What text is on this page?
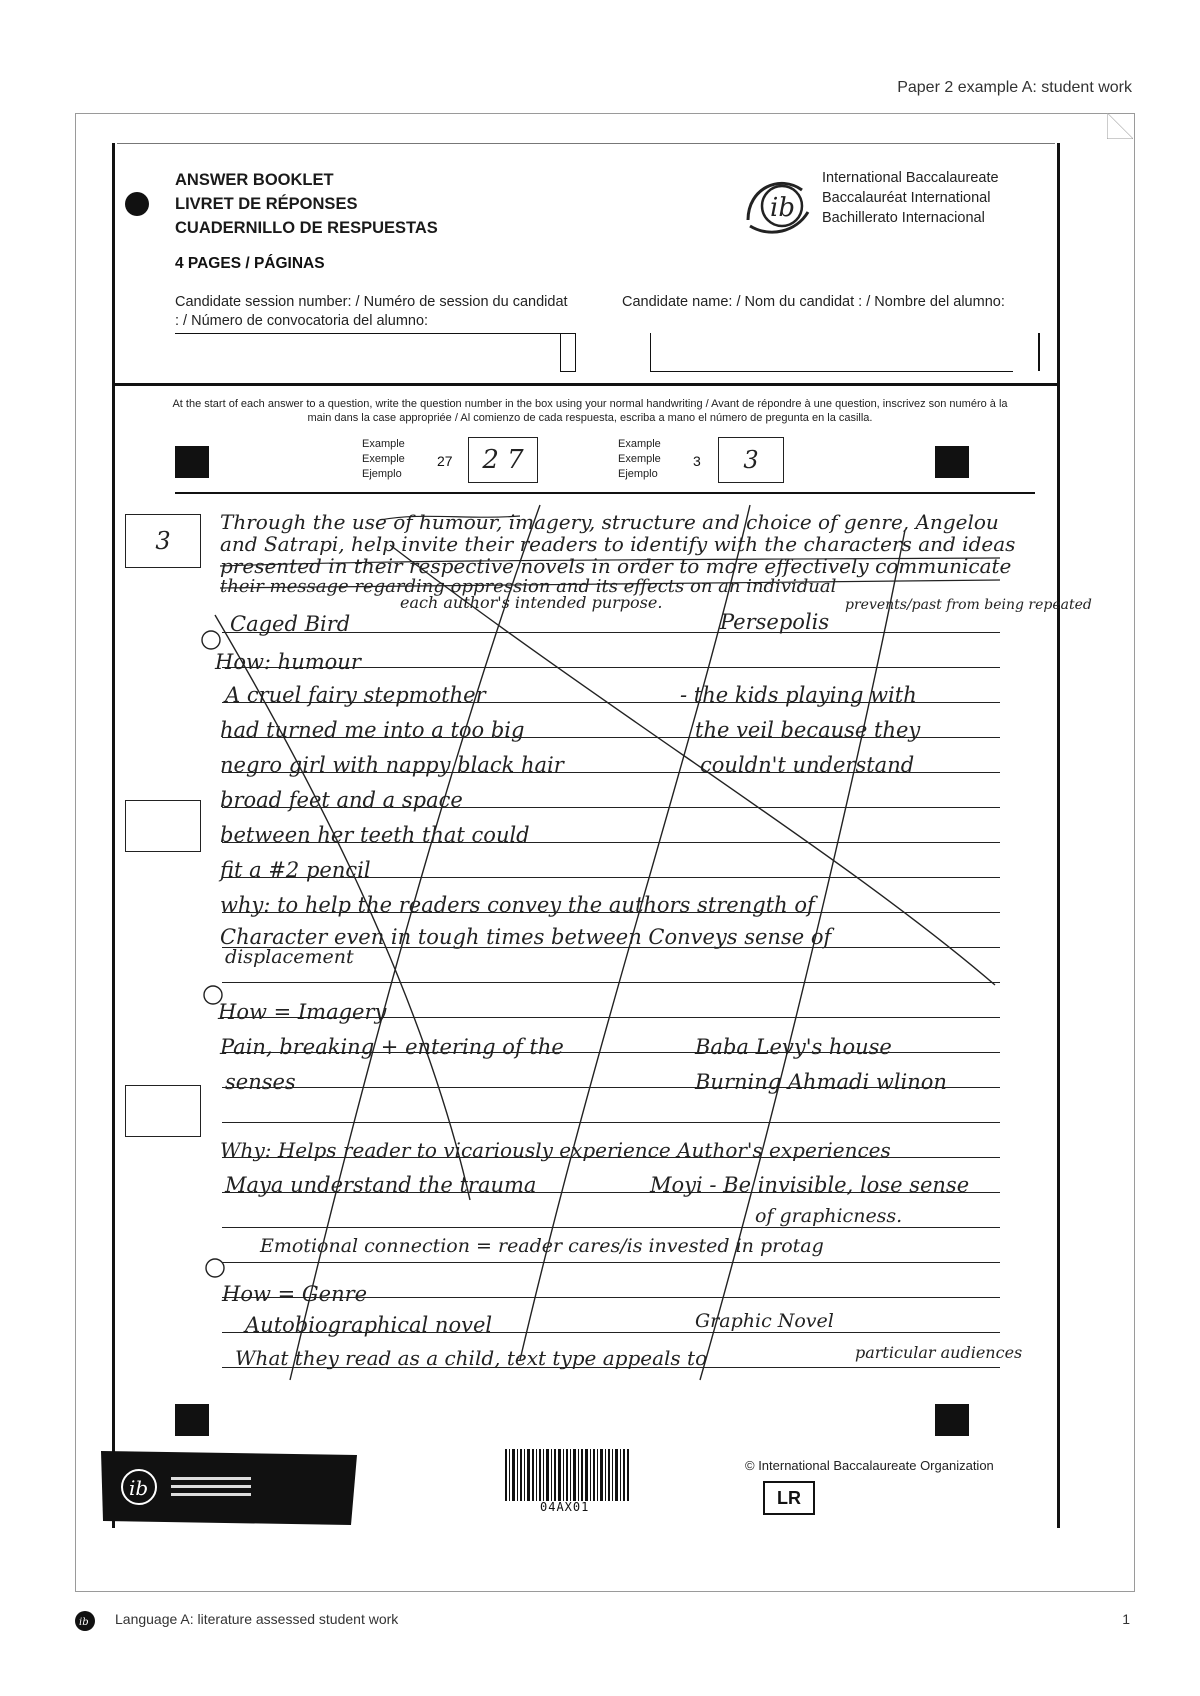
Paper 2 example A: student work
ANSWER BOOKLET
LIVRET DE RÉPONSES
CUADERNILLO DE RESPUESTAS
4 PAGES / PÁGINAS
ib
International Baccalaureate
Baccalauréat International
Bachillerato Internacional
Candidate session number: / Numéro de session du candidat : / Número de convocatoria del alumno:
Candidate name: / Nom du candidat : / Nombre del alumno:
At the start of each answer to a question, write the question number in the box using your normal handwriting / Avant de répondre à une question, inscrivez son numéro à la main dans la case appropriée / Al comienzo de cada respuesta, escriba a mano el número de pregunta en la casilla.
Example
Exemple
Ejemplo
27	2 7
Example
Exemple
Ejemplo
3	3
3
Through the use of humour, imagery, structure and choice of genre, Angelou
and Satrapi, help invite their readers to identify with the characters and ideas
presented in their respective novels in order to more effectively communicate
their message regarding oppression and its effects on an individual
each author's intended purpose.
Caged Bird	Persepolis
prevents/past from being repeated
How: humour
A cruel fairy stepmother	- the kids playing with
had turned me into a too big	the veil because they
negro girl with nappy black hair	couldn't understand
broad feet and a space
between her teeth that could
fit a #2 pencil
why: to help the readers convey the authors strength of
Character even in tough times between Conveys sense of
displacement
How = Imagery
Pain, breaking + entering of the	Baba Levy's house
senses	Burning Ahmadi wlinon
Why: Helps reader to vicariously experience Author's experiences
Maya understand the trauma	Moyi - Be invisible, lose sense
of graphicness.
Emotional connection = reader cares/is invested in protag
How = Genre
Autobiographical novel	Graphic Novel
What they read as a child, text type appeals to	particular audiences
ib
04AX01
© International Baccalaureate Organization
LR
ib Language A: literature assessed student work	1
